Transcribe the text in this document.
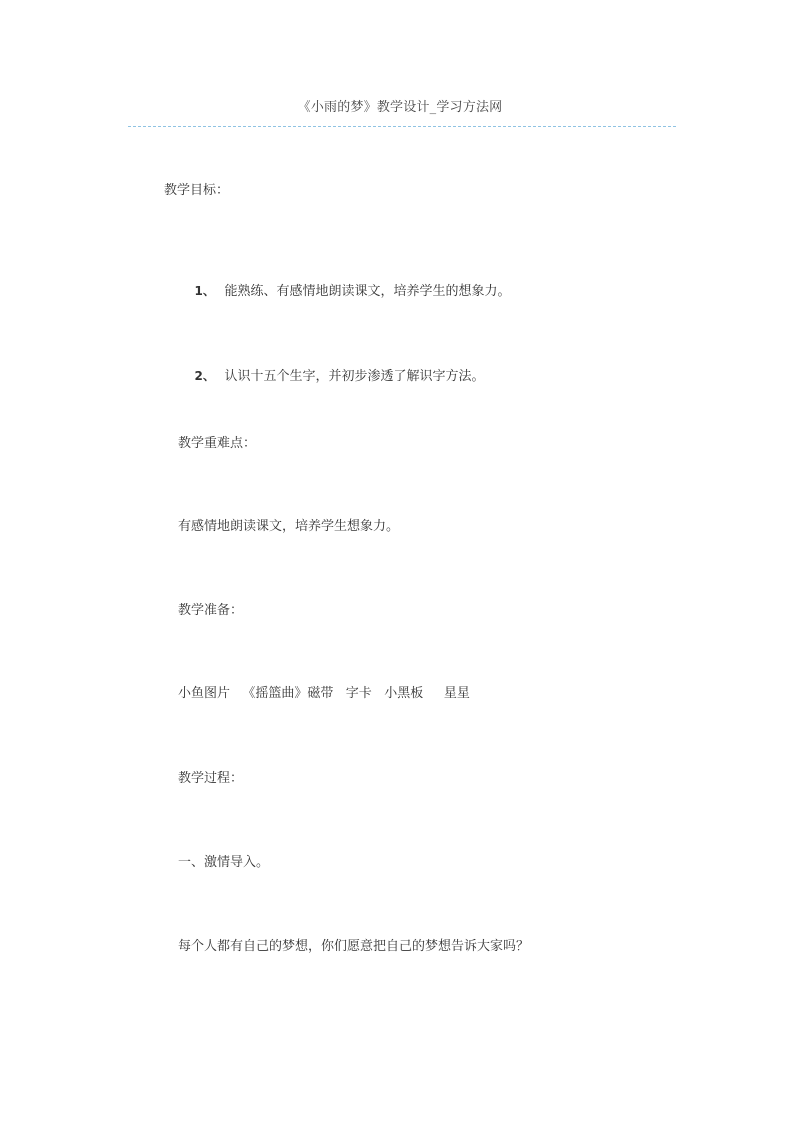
《小雨的梦》教学设计_学习方法网
教学目标：

1、 能熟练、有感情地朗读课文，培养学生的想象力。

2、 认识十五个生字，并初步渗透了解识字方法。

教学重难点：
有感情地朗读课文，培养学生想象力。
教学准备：
小鱼图片   《摇篮曲》磁带   字卡   小黑板     星星
教学过程：
一、激情导入。
每个人都有自己的梦想，你们愿意把自己的梦想告诉大家吗？
